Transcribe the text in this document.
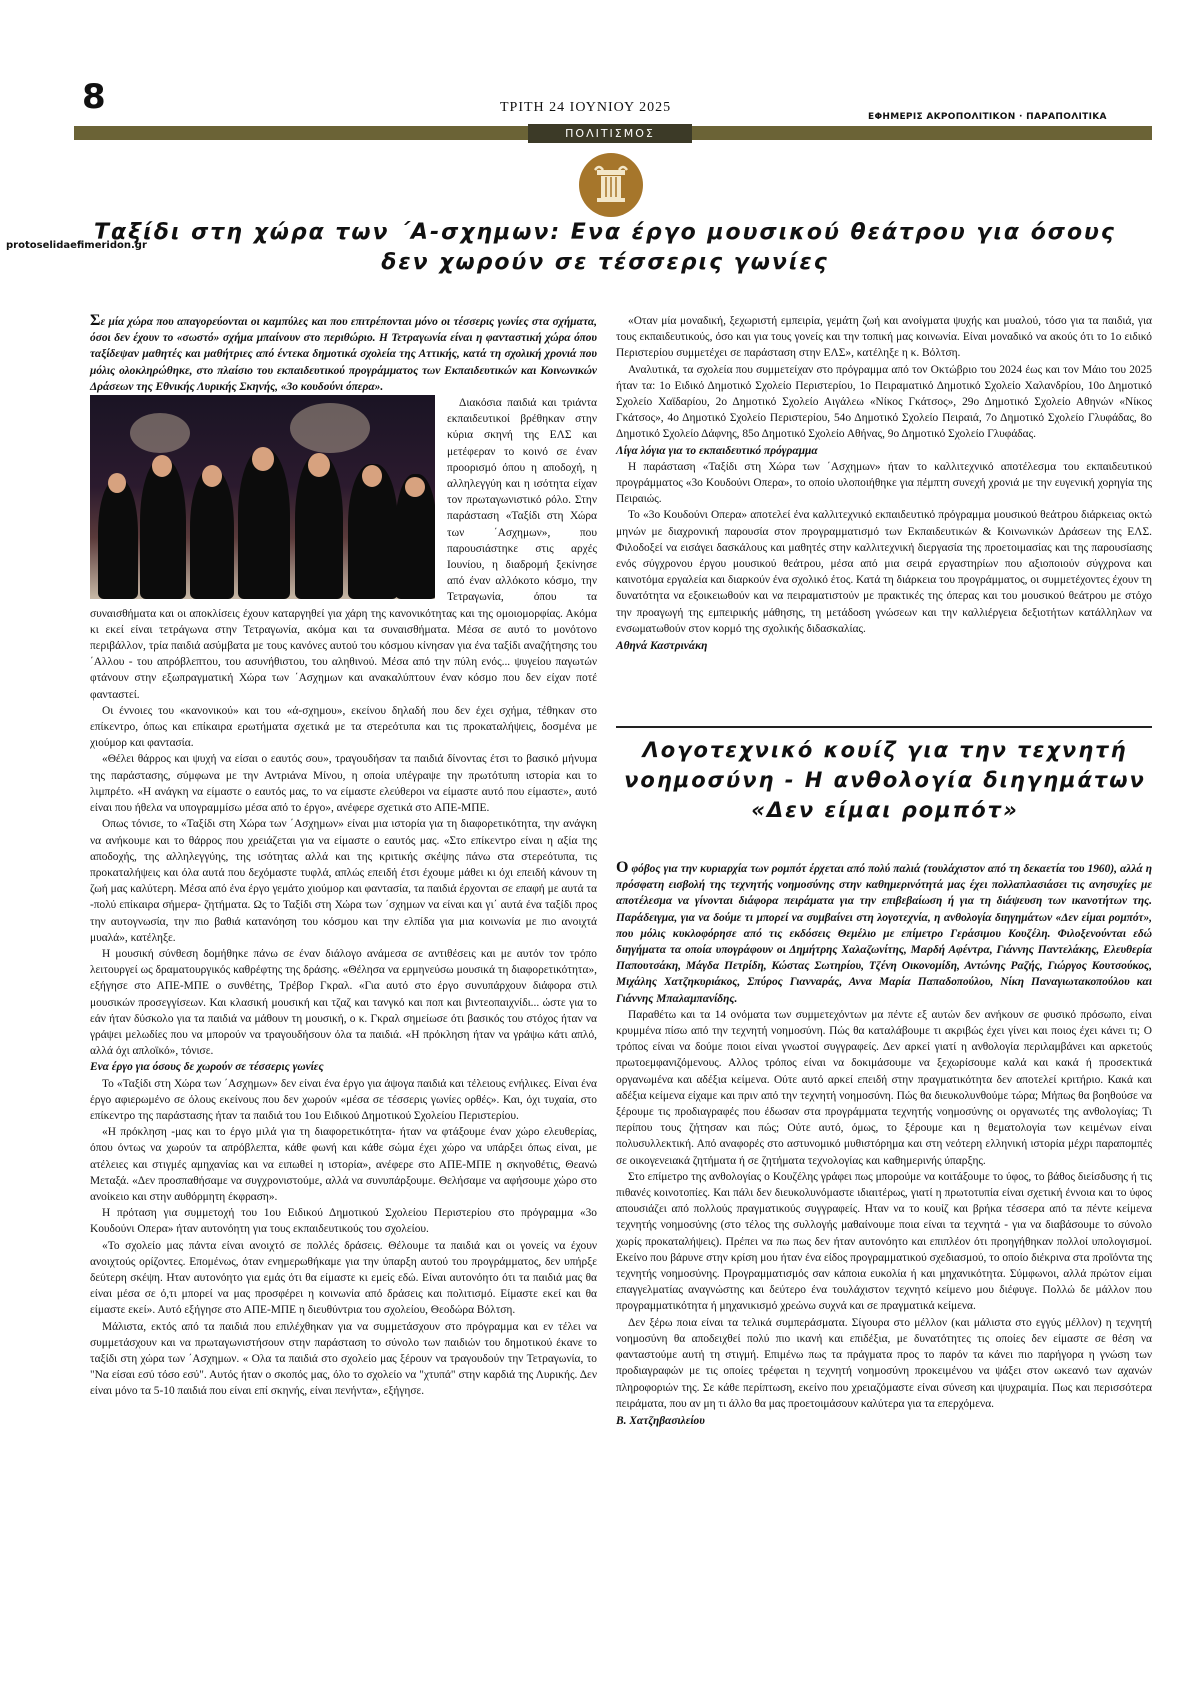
8	ΤΡΙΤΗ 24 ΙΟΥΝΙΟΥ 2025
ΕΦΗΜΕΡΙΣ ΑΚΡΟΠΟΛΙΤΙΚΟΝ · ΠΑΡΑΠΟΛΙΤΙΚΑ
ΠΟΛΙΤΙΣΜΟΣ
protoselidaefimeridon.gr
Ταξίδι στη χώρα των ΄Α-σχημων: Ενα έργο μουσικού θεάτρου για όσους δεν χωρούν σε τέσσερις γωνίες

Σε μία χώρα που απαγορεύονται οι καμπύλες και που επιτρέπονται μόνο οι τέσσερις γωνίες στα σχήματα, όσοι δεν έχουν το «σωστό» σχήμα μπαίνουν στο περιθώριο. Η Τετραγωνία είναι η φανταστική χώρα όπου ταξίδεψαν μαθητές και μαθήτριες από έντεκα δημοτικά σχολεία της Αττικής, κατά τη σχολική χρονιά που μόλις ολοκληρώθηκε, στο πλαίσιο του εκπαιδευτικού προγράμματος των Εκπαιδευτικών και Κοινωνικών Δράσεων της Εθνικής Λυρικής Σκηνής, «3ο κουδούνι όπερα».

Διακόσια παιδιά και τριάντα εκπαιδευτικοί βρέθηκαν στην κύρια σκηνή της ΕΛΣ και μετέφεραν το κοινό σε έναν προορισμό όπου η αποδοχή, η αλληλεγγύη και η ισότητα είχαν τον πρωταγωνιστικό ρόλο. Στην παράσταση «Ταξίδι στη Χώρα των ΄Ασχημων», που παρουσιάστηκε στις αρχές Ιουνίου, η διαδρομή ξεκίνησε από έναν αλλόκοτο κόσμο, την Τετραγωνία, όπου τα συναισθήματα και οι αποκλίσεις έχουν καταργηθεί για χάρη της κανονικότητας και της ομοιομορφίας. Ακόμα κι εκεί είναι τετράγωνα στην Τετραγωνία, ακόμα και τα συναισθήματα. Μέσα σε αυτό το μονότονο περιβάλλον, τρία παιδιά ασύμβατα με τους κανόνες αυτού του κόσμου κίνησαν για ένα ταξίδι αναζήτησης του ΄Αλλου - του απρόβλεπτου, του ασυνήθιστου, του αληθινού. Μέσα από την πύλη ενός... ψυγείου παγωτών φτάνουν στην εξωπραγματική Χώρα των ΄Ασχημων και ανακαλύπτουν έναν κόσμο που δεν είχαν ποτέ φανταστεί.

Οι έννοιες του «κανονικού» και του «ά-σχημου», εκείνου δηλαδή που δεν έχει σχήμα, τέθηκαν στο επίκεντρο, όπως και επίκαιρα ερωτήματα σχετικά με τα στερεότυπα και τις προκαταλήψεις, δοσμένα με χιούμορ και φαντασία.

«Θέλει θάρρος και ψυχή να είσαι ο εαυτός σου», τραγουδήσαν τα παιδιά δίνοντας έτσι το βασικό μήνυμα της παράστασης, σύμφωνα με την Αντριάνα Μίνου, η οποία υπέγραψε την πρωτότυπη ιστορία και το λιμπρέτο. «Η ανάγκη να είμαστε ο εαυτός μας, το να είμαστε ελεύθεροι να είμαστε αυτό που είμαστε», αυτό είναι που ήθελα να υπογραμμίσω μέσα από το έργο», ανέφερε σχετικά στο ΑΠΕ-ΜΠΕ.

Οπως τόνισε, το «Ταξίδι στη Χώρα των ΄Ασχημων» είναι μια ιστορία για τη διαφορετικότητα, την ανάγκη να ανήκουμε και το θάρρος που χρειάζεται για να είμαστε ο εαυτός μας. «Στο επίκεντρο είναι η αξία της αποδοχής, της αλληλεγγύης, της ισότητας αλλά και της κριτικής σκέψης πάνω στα στερεότυπα, τις προκαταλήψεις και όλα αυτά που δεχόμαστε τυφλά, απλώς επειδή έτσι έχουμε μάθει κι όχι επειδή κάνουν τη ζωή μας καλύτερη. Μέσα από ένα έργο γεμάτο χιούμορ και φαντασία, τα παιδιά έρχονται σε επαφή με αυτά τα -πολύ επίκαιρα σήμερα- ζητήματα. Ως το Ταξίδι στη Χώρα των ΄σχημων να είναι και γι΄ αυτά ένα ταξίδι προς την αυτογνωσία, την πιο βαθιά κατανόηση του κόσμου και την ελπίδα για μια κοινωνία με πιο ανοιχτά μυαλά», κατέληξε.

Η μουσική σύνθεση δομήθηκε πάνω σε έναν διάλογο ανάμεσα σε αντιθέσεις και με αυτόν τον τρόπο λειτουργεί ως δραματουργικός καθρέφτης της δράσης. «Θέλησα να ερμηνεύσω μουσικά τη διαφορετικότητα», εξήγησε στο ΑΠΕ-ΜΠΕ ο συνθέτης, Τρέβορ Γκραλ. «Για αυτό στο έργο συνυπάρχουν διάφορα στιλ μουσικών προσεγγίσεων. Και κλασική μουσική και τζαζ και τανγκό και ποπ και βιντεοπαιχνίδι... ώστε για το εάν ήταν δύσκολο για τα παιδιά να μάθουν τη μουσική, ο κ. Γκραλ σημείωσε ότι βασικός του στόχος ήταν να γράψει μελωδίες που να μπορούν να τραγουδήσουν όλα τα παιδιά. «Η πρόκληση ήταν να γράψω κάτι απλό, αλλά όχι απλοϊκό», τόνισε.

Ενα έργο για όσους δε χωρούν σε τέσσερις γωνίες

Το «Ταξίδι στη Χώρα των ΄Ασχημων» δεν είναι ένα έργο για άψογα παιδιά και τέλειους ενήλικες. Είναι ένα έργο αφιερωμένο σε όλους εκείνους που δεν χωρούν «μέσα σε τέσσερις γωνίες ορθές». Και, όχι τυχαία, στο επίκεντρο της παράστασης ήταν τα παιδιά του 1ου Ειδικού Δημοτικού Σχολείου Περιστερίου.

«Η πρόκληση -μας και το έργο μιλά για τη διαφορετικότητα- ήταν να φτάξουμε έναν χώρο ελευθερίας, όπου όντως να χωρούν τα απρόβλεπτα, κάθε φωνή και κάθε σώμα έχει χώρο να υπάρξει όπως είναι, με ατέλειες και στιγμές αμηχανίας και να ειπωθεί η ιστορία», ανέφερε στο ΑΠΕ-ΜΠΕ η σκηνοθέτις, Θεανώ Μεταξά. «Δεν προσπαθήσαμε να συγχρονιστούμε, αλλά να συνυπάρξουμε. Θελήσαμε να αφήσουμε χώρο στο ανοίκειο και στην αυθόρμητη έκφραση».

Η πρόταση για συμμετοχή του 1ου Ειδικού Δημοτικού Σχολείου Περιστερίου στο πρόγραμμα «3ο Κουδούνι Οπερα» ήταν αυτονόητη για τους εκπαιδευτικούς του σχολείου.

«Το σχολείο μας πάντα είναι ανοιχτό σε πολλές δράσεις. Θέλουμε τα παιδιά και οι γονείς να έχουν ανοιχτούς ορίζοντες. Επομένως, όταν ενημερωθήκαμε για την ύπαρξη αυτού του προγράμματος, δεν υπήρξε δεύτερη σκέψη. Ηταν αυτονόητο για εμάς ότι θα είμαστε κι εμείς εδώ. Είναι αυτονόητο ότι τα παιδιά μας θα είναι μέσα σε ό,τι μπορεί να μας προσφέρει η κοινωνία από δράσεις και πολιτισμό. Είμαστε εκεί και θα είμαστε εκεί». Αυτό εξήγησε στο ΑΠΕ-ΜΠΕ η διευθύντρια του σχολείου, Θεοδώρα Βόλτση.

Μάλιστα, εκτός από τα παιδιά που επιλέχθηκαν για να συμμετάσχουν στο πρόγραμμα και εν τέλει να συμμετάσχουν και να πρωταγωνιστήσουν στην παράσταση το σύνολο των παιδιών του δημοτικού έκανε το ταξίδι στη χώρα των ΄Ασχημων. « Ολα τα παιδιά στο σχολείο μας ξέρουν να τραγουδούν την Τετραγωνία, το "Να είσαι εσύ τόσο εσύ". Αυτός ήταν ο σκοπός μας, όλο το σχολείο να "χτυπά" στην καρδιά της Λυρικής. Δεν είναι μόνο τα 5-10 παιδιά που είναι επί σκηνής, είναι πενήντα», εξήγησε.

«Οταν μία μοναδική, ξεχωριστή εμπειρία, γεμάτη ζωή και ανοίγματα ψυχής και μυαλού, τόσο για τα παιδιά, για τους εκπαιδευτικούς, όσο και για τους γονείς και την τοπική μας κοινωνία. Είναι μοναδικό να ακούς ότι το 1ο ειδικό Περιστερίου συμμετέχει σε παράσταση στην ΕΛΣ», κατέληξε η κ. Βόλτση.

Αναλυτικά, τα σχολεία που συμμετείχαν στο πρόγραμμα από τον Οκτώβριο του 2024 έως και τον Μάιο του 2025 ήταν τα: 1ο Ειδικό Δημοτικό Σχολείο Περιστερίου, 1ο Πειραματικό Δημοτικό Σχολείο Χαλανδρίου, 10ο Δημοτικό Σχολείο Χαϊδαρίου, 2ο Δημοτικό Σχολείο Αιγάλεω «Νίκος Γκάτσος», 29ο Δημοτικό Σχολείο Αθηνών «Νίκος Γκάτσος», 4ο Δημοτικό Σχολείο Περιστερίου, 54ο Δημοτικό Σχολείο Πειραιά, 7ο Δημοτικό Σχολείο Γλυφάδας, 8ο Δημοτικό Σχολείο Δάφνης, 85ο Δημοτικό Σχολείο Αθήνας, 9ο Δημοτικό Σχολείο Γλυφάδας.

Λίγα λόγια για το εκπαιδευτικό πρόγραμμα

Η παράσταση «Ταξίδι στη Χώρα των ΄Ασχημων» ήταν το καλλιτεχνικό αποτέλεσμα του εκπαιδευτικού προγράμματος «3ο Κουδούνι Οπερα», το οποίο υλοποιήθηκε για πέμπτη συνεχή χρονιά με την ευγενική χορηγία της Πειραιώς.

Το «3ο Κουδούνι Οπερα» αποτελεί ένα καλλιτεχνικό εκπαιδευτικό πρόγραμμα μουσικού θεάτρου διάρκειας οκτώ μηνών με διαχρονική παρουσία στον προγραμματισμό των Εκπαιδευτικών & Κοινωνικών Δράσεων της ΕΛΣ. Φιλοδοξεί να εισάγει δασκάλους και μαθητές στην καλλιτεχνική διεργασία της προετοιμασίας και της παρουσίασης ενός σύγχρονου έργου μουσικού θεάτρου, μέσα από μια σειρά εργαστηρίων που αξιοποιούν σύγχρονα και καινοτόμα εργαλεία και διαρκούν ένα σχολικό έτος. Κατά τη διάρκεια του προγράμματος, οι συμμετέχοντες έχουν τη δυνατότητα να εξοικειωθούν και να πειραματιστούν με πρακτικές της όπερας και του μουσικού θεάτρου με στόχο την προαγωγή της εμπειρικής μάθησης, τη μετάδοση γνώσεων και την καλλιέργεια δεξιοτήτων κατάλληλων να ενσωματωθούν στον κορμό της σχολικής διδασκαλίας.

Αθηνά Καστρινάκη

Λογοτεχνικό κουίζ για την τεχνητή νοημοσύνη - Η ανθολογία διηγημάτων «Δεν είμαι ρομπότ»

Ο φόβος για την κυριαρχία των ρομπότ έρχεται από πολύ παλιά (τουλάχιστον από τη δεκαετία του 1960), αλλά η πρόσφατη εισβολή της τεχνητής νοημοσύνης στην καθημερινότητά μας έχει πολλαπλασιάσει τις ανησυχίες με αποτέλεσμα να γίνονται διάφορα πειράματα για την επιβεβαίωση ή για τη διάψευση των ικανοτήτων της. Παράδειγμα, για να δούμε τι μπορεί να συμβαίνει στη λογοτεχνία, η ανθολογία διηγημάτων «Δεν είμαι ρομπότ», που μόλις κυκλοφόρησε από τις εκδόσεις Θεμέλιο με επίμετρο Γεράσιμου Κουζέλη. Φιλοξενούνται εδώ διηγήματα τα οποία υπογράφουν οι Δημήτρης Χαλαζωνίτης, Μαρδή Αφέντρα, Γιάννης Παντελάκης, Ελευθερία Παπουτσάκη, Μάγδα Πετρίδη, Κώστας Σωτηρίου, Τζένη Οικονομίδη, Αντώνης Ραζής, Γιώργος Κουτσούκος, Μιχάλης Χατζηκυριάκος, Σπύρος Γιανναράς, Αννα Μαρία Παπαδοπούλου, Νίκη Παναγιωτακοπούλου και Γιάννης Μπαλαμπανίδης.

Παραθέτω και τα 14 ονόματα των συμμετεχόντων μα πέντε εξ αυτών δεν ανήκουν σε φυσικό πρόσωπο, είναι κρυμμένα πίσω από την τεχνητή νοημοσύνη. Πώς θα καταλάβουμε τι ακριβώς έχει γίνει και ποιος έχει κάνει τι; Ο τρόπος είναι να δούμε ποιοι είναι γνωστοί συγγραφείς. Δεν αρκεί γιατί η ανθολογία περιλαμβάνει και αρκετούς πρωτοεμφανιζόμενους. Αλλος τρόπος είναι να δοκιμάσουμε να ξεχωρίσουμε καλά και κακά ή προσεκτικά οργανωμένα και αδέξια κείμενα. Ούτε αυτό αρκεί επειδή στην πραγματικότητα δεν αποτελεί κριτήριο. Κακά και αδέξια κείμενα είχαμε και πριν από την τεχνητή νοημοσύνη. Πώς θα διευκολυνθούμε τώρα; Μήπως θα βοηθούσε να ξέρουμε τις προδιαγραφές που έδωσαν στα προγράμματα τεχνητής νοημοσύνης οι οργανωτές της ανθολογίας; Τι περίπου τους ζήτησαν και πώς; Ούτε αυτό, όμως, το ξέρουμε και η θεματολογία των κειμένων είναι πολυσυλλεκτική. Από αναφορές στο αστυνομικό μυθιστόρημα και στη νεότερη ελληνική ιστορία μέχρι παραπομπές σε οικογενειακά ζητήματα ή σε ζητήματα τεχνολογίας και καθημερινής ύπαρξης.

Στο επίμετρο της ανθολογίας ο Κουζέλης γράφει πως μπορούμε να κοιτάξουμε το ύφος, το βάθος διείσδυσης ή τις πιθανές κοινοτοπίες. Και πάλι δεν διευκολυνόμαστε ιδιαιτέρως, γιατί η πρωτοτυπία είναι σχετική έννοια και το ύφος απουσιάζει από πολλούς πραγματικούς συγγραφείς. Ηταν να το κουίζ και βρήκα τέσσερα από τα πέντε κείμενα τεχνητής νοημοσύνης (στο τέλος της συλλογής μαθαίνουμε ποια είναι τα τεχνητά - για να διαβάσουμε το σύνολο χωρίς προκαταλήψεις). Πρέπει να πω πως δεν ήταν αυτονόητο και επιπλέον ότι προηγήθηκαν πολλοί υπολογισμοί. Εκείνο που βάρυνε στην κρίση μου ήταν ένα είδος προγραμματικού σχεδιασμού, το οποίο διέκρινα στα προϊόντα της τεχνητής νοημοσύνης. Προγραμματισμός σαν κάποια ευκολία ή και μηχανικότητα. Σύμφωνοι, αλλά πρώτον είμαι επαγγελματίας αναγνώστης και δεύτερο ένα τουλάχιστον τεχνητό κείμενο μου διέφυγε. Πολλώ δε μάλλον που προγραμματικότητα ή μηχανικισμό χρεώνω συχνά και σε πραγματικά κείμενα.

Δεν ξέρω ποια είναι τα τελικά συμπεράσματα. Σίγουρα στο μέλλον (και μάλιστα στο εγγύς μέλλον) η τεχνητή νοημοσύνη θα αποδειχθεί πολύ πιο ικανή και επιδέξια, με δυνατότητες τις οποίες δεν είμαστε σε θέση να φανταστούμε αυτή τη στιγμή. Επιμένω πως τα πράγματα προς το παρόν τα κάνει πιο παρήγορα η γνώση των προδιαγραφών με τις οποίες τρέφεται η τεχνητή νοημοσύνη προκειμένου να ψάξει στον ωκεανό των αχανών πληροφοριών της. Σε κάθε περίπτωση, εκείνο που χρειαζόμαστε είναι σύνεση και ψυχραιμία. Πως και περισσότερα πειράματα, που αν μη τι άλλο θα μας προετοιμάσουν καλύτερα για τα επερχόμενα.

Β. Χατζηβασιλείου
